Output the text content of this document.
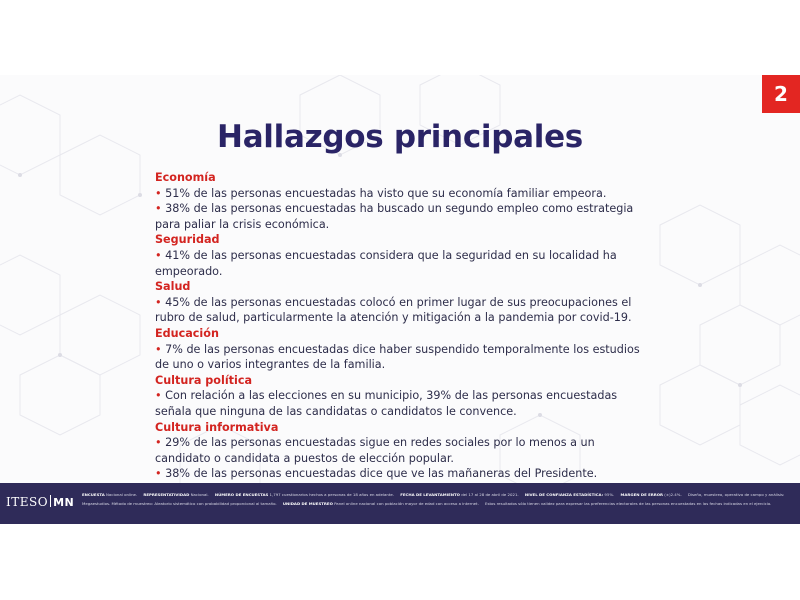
2
Hallazgos principales
Economía
• 51% de las personas encuestadas ha visto que su economía familiar empeora.
• 38% de las personas encuestadas ha buscado un segundo empleo como estrategia
para paliar la crisis económica.
Seguridad
• 41% de las personas encuestadas considera que la seguridad en su localidad ha
empeorado.
Salud
• 45% de las personas encuestadas colocó en primer lugar de sus preocupaciones el
rubro de salud, particularmente la atención y mitigación a la pandemia por covid-19.
Educación
• 7% de las personas encuestadas dice haber suspendido temporalmente los estudios
de uno o varios integrantes de la familia.
Cultura política
• Con relación a las elecciones en su municipio, 39% de las personas encuestadas
señala que ninguna de las candidatas o candidatos le convence.
Cultura informativa
• 29% de las personas encuestadas sigue en redes sociales por lo menos a un
candidato o candidata a puestos de elección popular.
• 38% de las personas encuestadas dice que ve las mañaneras del Presidente.
ITESO MN
ENCUESTA Nacional online. REPRESENTATIVIDAD Nacional. NÚMERO DE ENCUESTAS 1,797 cuestionarios hechos a personas de 18 años en adelante. FECHA DE LEVANTAMIENTO del 17 al 28 de abril de 2021. NIVEL DE CONFIANZA ESTADÍSTICA: 95%. MARGEN DE ERROR (±)2.4%. Diseño, muestreo, operativo de campo y análisis:
Megaestudios. Método de muestreo: Aleatorio sistemático con probabilidad proporcional al tamaño. UNIDAD DE MUESTREO Panel online nacional con población mayor de edad con acceso a internet. Estos resultados sólo tienen validez para expresar las preferencias electorales de las personas encuestadas en las fechas indicadas en el ejercicio.
